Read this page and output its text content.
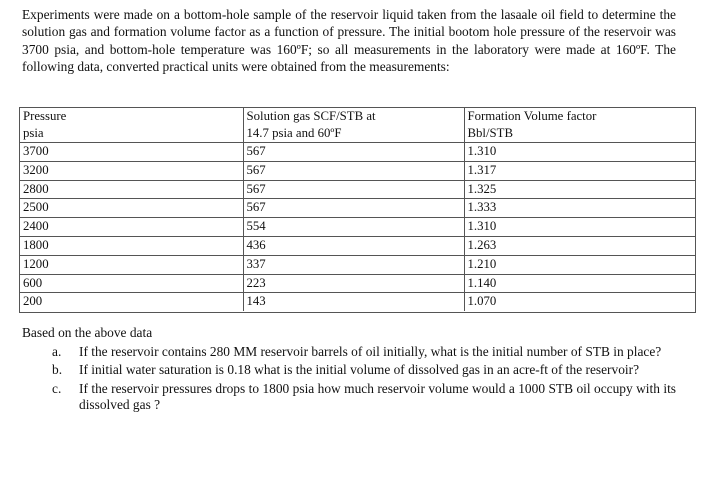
Experiments were made on a bottom-hole sample of the reservoir liquid taken from the lasaale oil field to determine the solution gas and formation volume factor as a function of pressure. The initial bootom hole pressure of the reservoir was 3700 psia, and bottom-hole temperature was 160ºF; so all measurements in the laboratory were made at 160ºF. The following data, converted practical units were obtained from the measurements:
Pressure	Solution gas SCF/STB at	Formation Volume factor
psia	14.7 psia and 60ºF	Bbl/STB
3700	567	1.310
3200	567	1.317
2800	567	1.325
2500	567	1.333
2400	554	1.310
1800	436	1.263
1200	337	1.210
600	223	1.140
200	143	1.070
Based on the above data
a. If the reservoir contains 280 MM reservoir barrels of oil initially, what is the initial number of STB in place?
b. If initial water saturation is 0.18 what is the initial volume of dissolved gas in an acre-ft of the reservoir?
c. If the reservoir pressures drops to 1800 psia how much reservoir volume would a 1000 STB oil occupy with its dissolved gas ?
